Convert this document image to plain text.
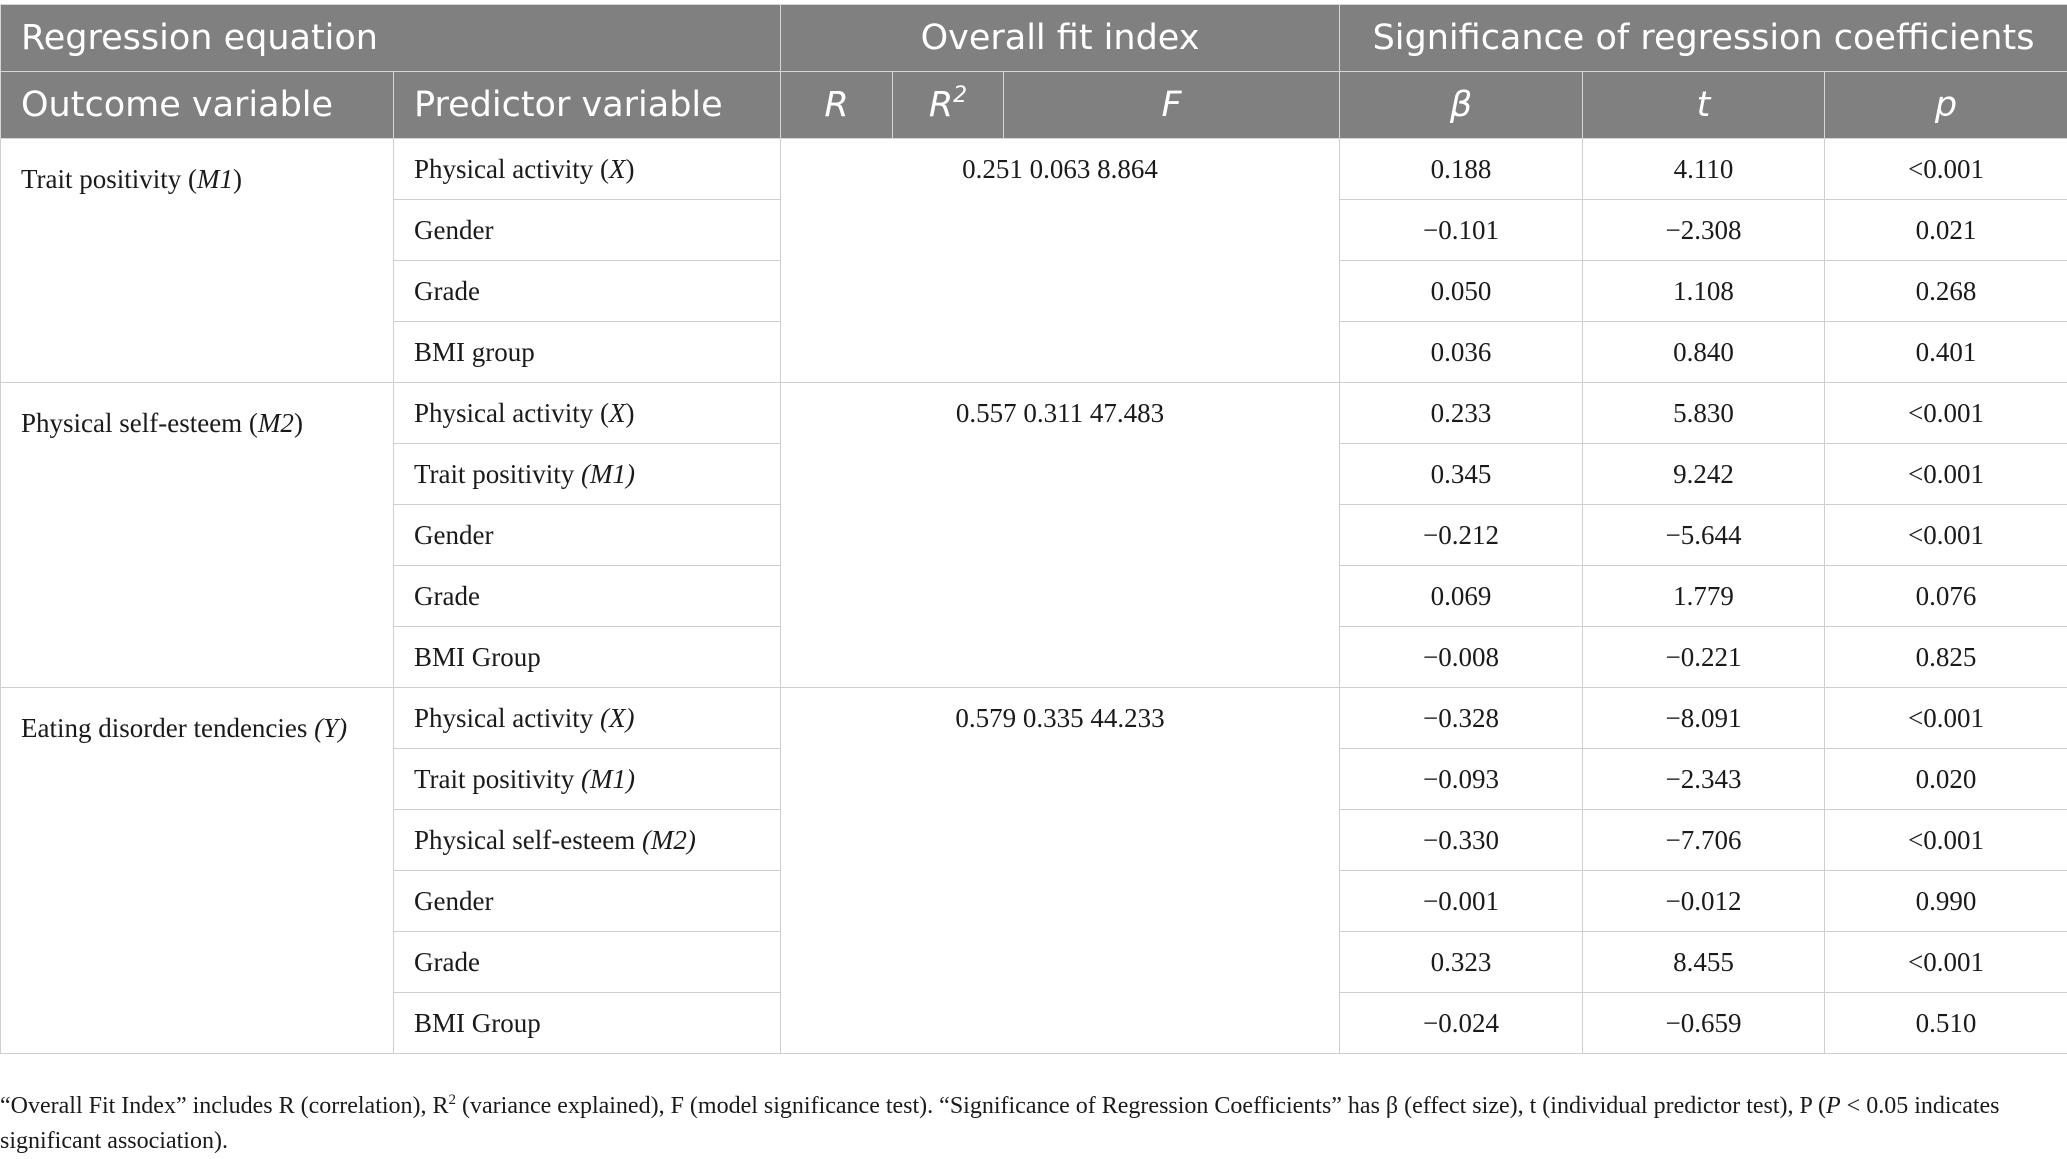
Regression equation		Overall fit index			Significance of regression coefficients		
Outcome variable	Predictor variable	R	$R^2$	F	β	t	p
Trait positivity (M1)	Physical activity (X)	0.251 0.063 8.864			0.188	4.110	<0.001
	Gender				−0.101	−2.308	0.021
	Grade				0.050	1.108	0.268
	BMI group				0.036	0.840	0.401
Physical self-esteem (M2)	Physical activity (X)	0.557 0.311 47.483			0.233	5.830	<0.001
	Trait positivity (M1)				0.345	9.242	<0.001
	Gender				−0.212	−5.644	<0.001
	Grade				0.069	1.779	0.076
	BMI Group				−0.008	−0.221	0.825
Eating disorder tendencies (Y)	Physical activity (X)	0.579 0.335 44.233			−0.328	−8.091	<0.001
	Trait positivity (M1)				−0.093	−2.343	0.020
	Physical self-esteem (M2)				−0.330	−7.706	<0.001
	Gender				−0.001	−0.012	0.990
	Grade				0.323	8.455	<0.001
	BMI Group				−0.024	−0.659	0.510
“Overall Fit Index” includes R (correlation), $R^2$ (variance explained), F (model significance test). “Significance of Regression Coefficients” has β (effect size), t (individual predictor test), P (P < 0.05 indicates significant association).
